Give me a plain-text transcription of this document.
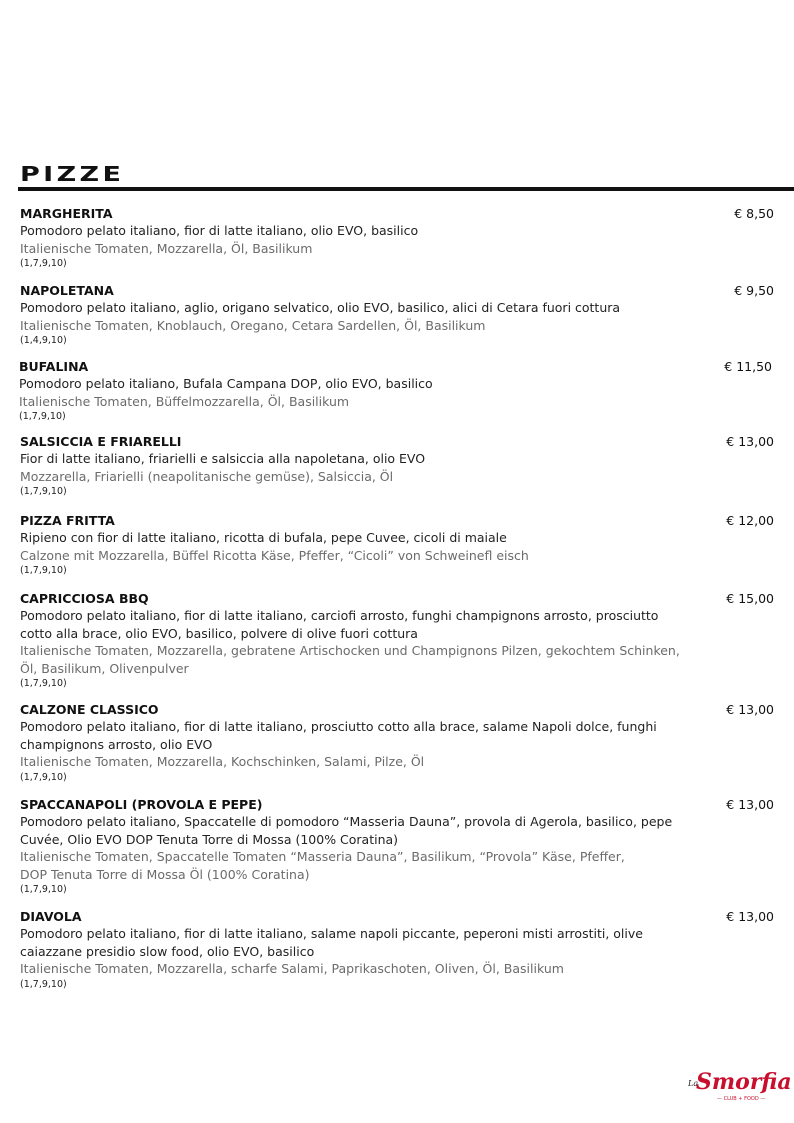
PIZZE
MARGHERITA	€ 8,50
Pomodoro pelato italiano, fior di latte italiano, olio EVO, basilico
Italienische Tomaten, Mozzarella, Öl, Basilikum
(1,7,9,10)
NAPOLETANA	€ 9,50
Pomodoro pelato italiano, aglio, origano selvatico, olio EVO, basilico, alici di Cetara fuori cottura
Italienische Tomaten, Knoblauch, Oregano, Cetara Sardellen, Öl, Basilikum
(1,4,9,10)
BUFALINA	€ 11,50
Pomodoro pelato italiano, Bufala Campana DOP, olio EVO, basilico
Italienische Tomaten, Büffelmozzarella, Öl, Basilikum
(1,7,9,10)
SALSICCIA E FRIARELLI	€ 13,00
Fior di latte italiano, friarielli e salsiccia alla napoletana, olio EVO
Mozzarella, Friarielli (neapolitanische gemüse), Salsiccia, Öl
(1,7,9,10)
PIZZA FRITTA	€ 12,00
Ripieno con fior di latte italiano, ricotta di bufala, pepe Cuvee, cicoli di maiale
Calzone mit Mozzarella, Büffel Ricotta Käse, Pfeffer, “Cicoli” von Schweinefl eisch
(1,7,9,10)
CAPRICCIOSA BBQ	€ 15,00
Pomodoro pelato italiano, fior di latte italiano, carciofi arrosto, funghi champignons arrosto, prosciutto cotto alla brace, olio EVO, basilico, polvere di olive fuori cottura
Italienische Tomaten, Mozzarella, gebratene Artischocken und Champignons Pilzen, gekochtem Schinken, Öl, Basilikum, Olivenpulver
(1,7,9,10)
CALZONE CLASSICO	€ 13,00
Pomodoro pelato italiano, fior di latte italiano, prosciutto cotto alla brace, salame Napoli dolce, funghi champignons arrosto, olio EVO
Italienische Tomaten, Mozzarella, Kochschinken, Salami, Pilze, Öl
(1,7,9,10)
SPACCANAPOLI (PROVOLA E PEPE)	€ 13,00
Pomodoro pelato italiano, Spaccatelle di pomodoro “Masseria Dauna”, provola di Agerola, basilico, pepe Cuvée, Olio EVO DOP Tenuta Torre di Mossa (100% Coratina)
Italienische Tomaten, Spaccatelle Tomaten “Masseria Dauna”, Basilikum, “Provola” Käse, Pfeffer, DOP Tenuta Torre di Mossa Öl (100% Coratina)
(1,7,9,10)
DIAVOLA	€ 13,00
Pomodoro pelato italiano, fior di latte italiano, salame napoli piccante, peperoni misti arrostiti, olive caiazzane presidio slow food, olio EVO, basilico
Italienische Tomaten, Mozzarella, scharfe Salami, Paprikaschoten, Oliven, Öl, Basilikum
(1,7,9,10)
La
Smorfia
— CLUB + FOOD —
